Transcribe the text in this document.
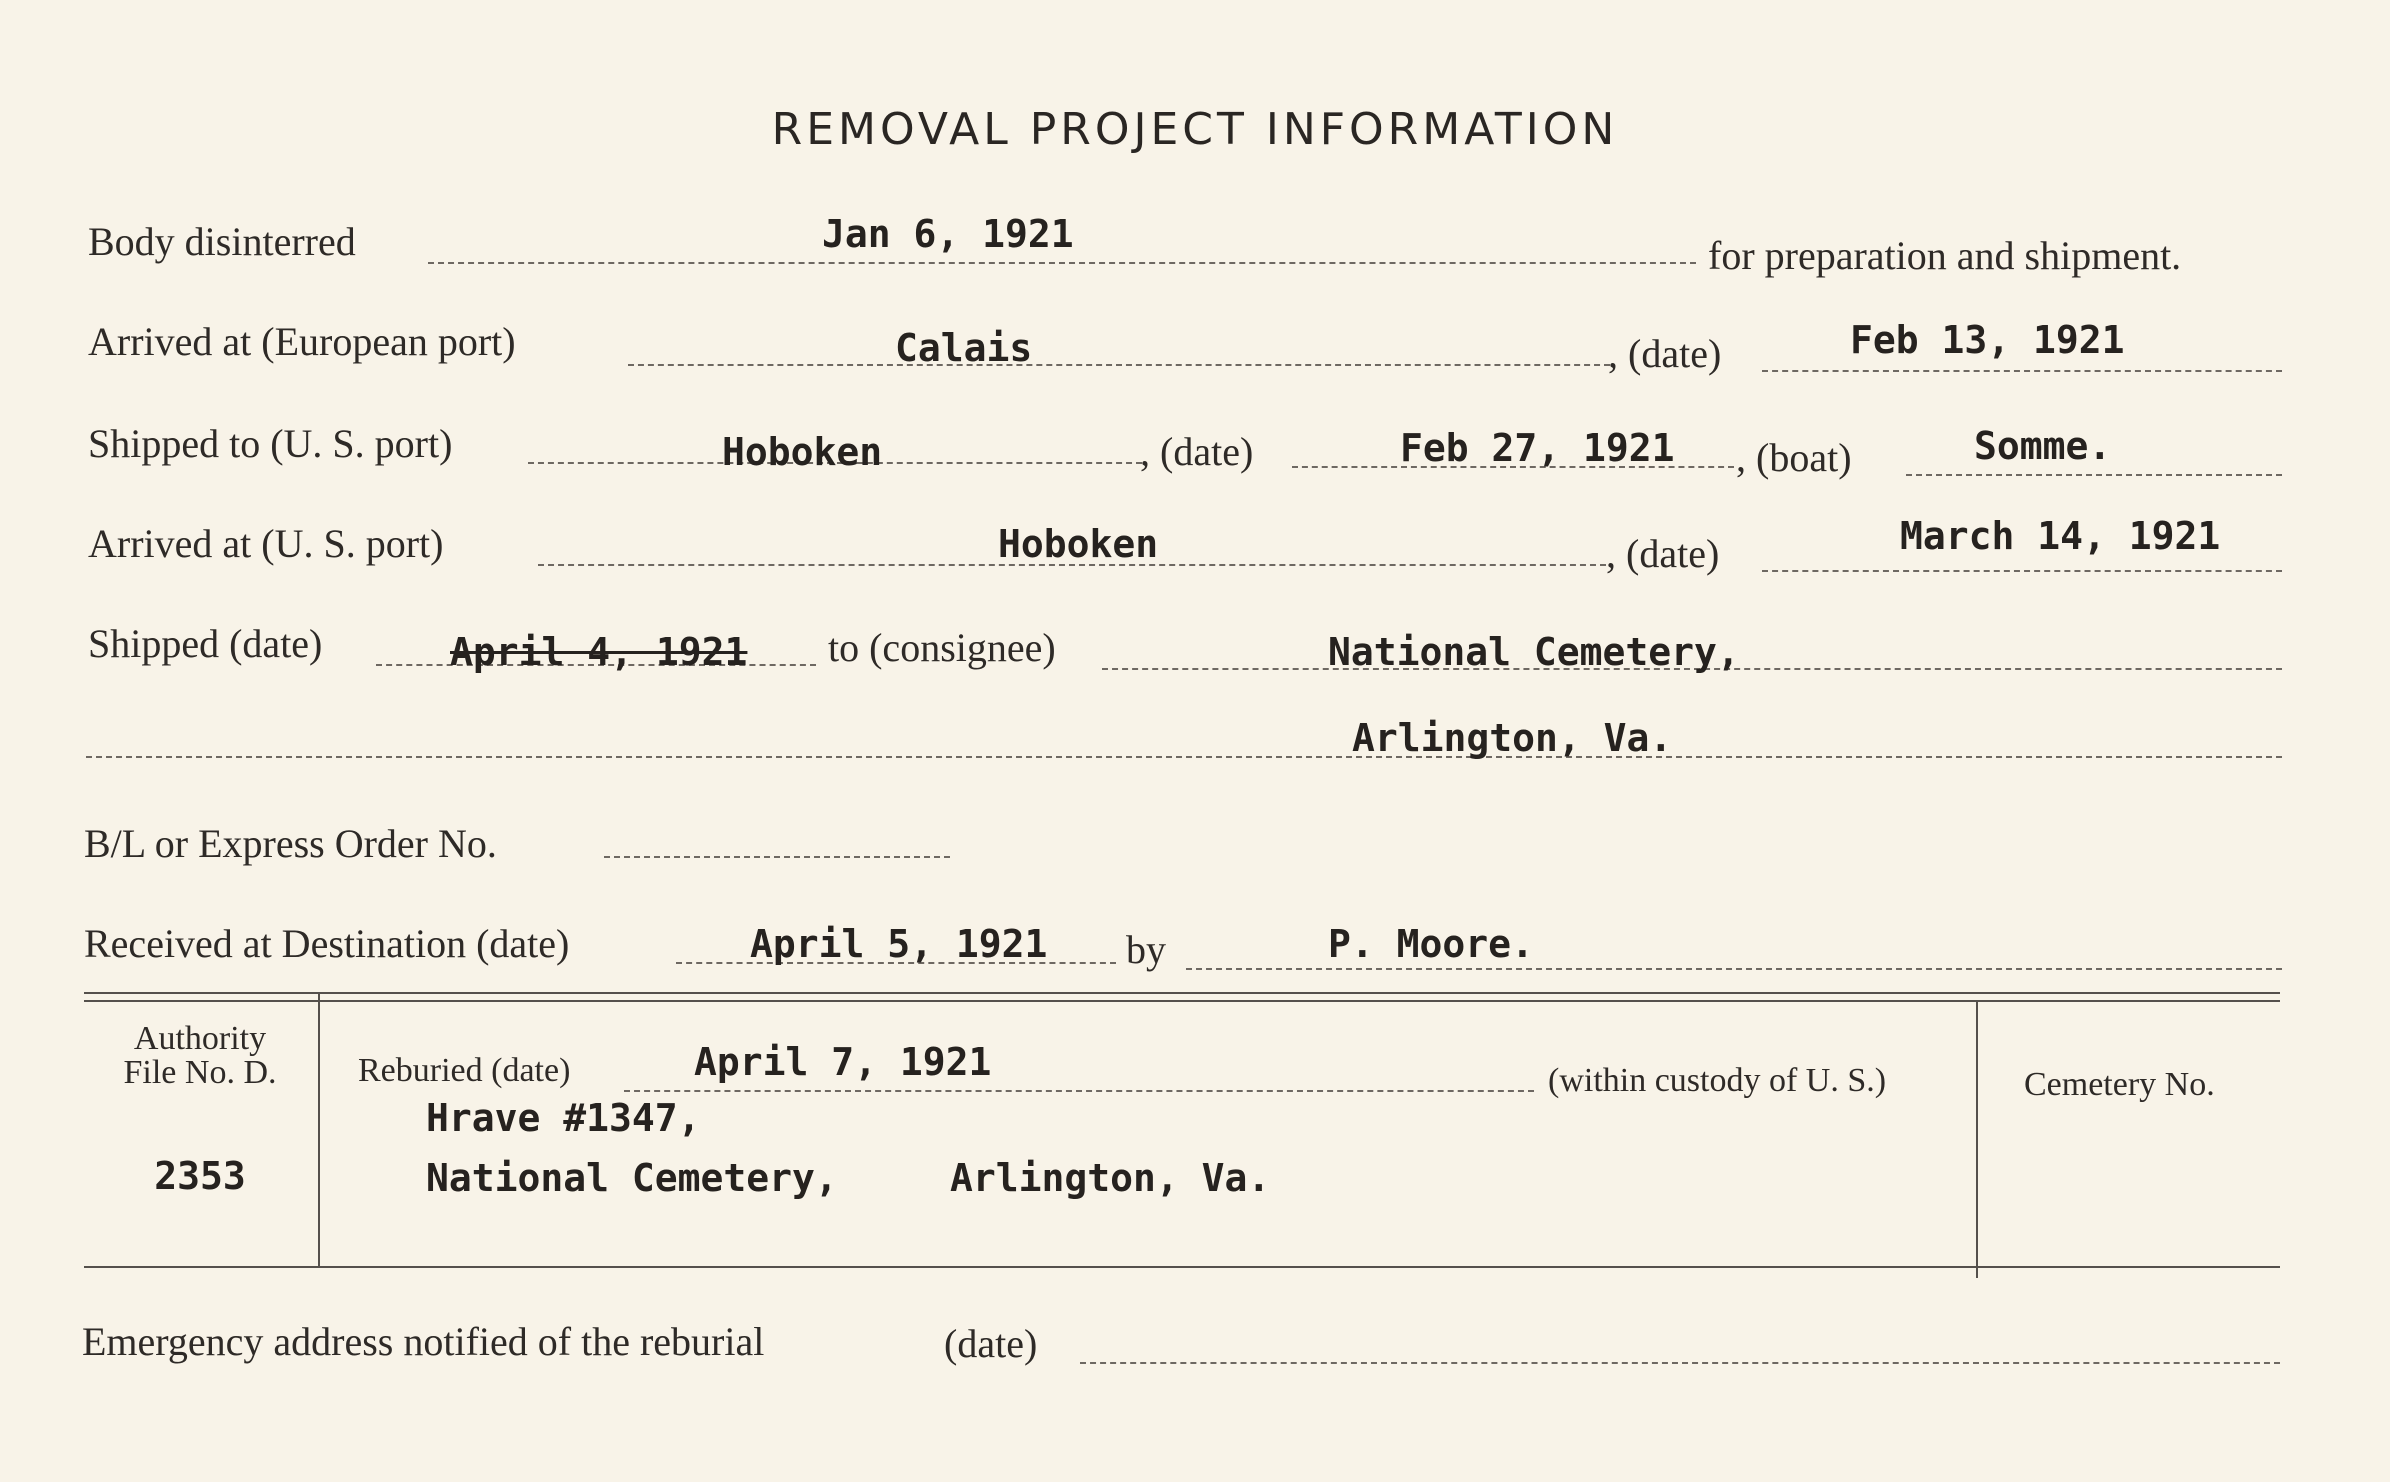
REMOVAL PROJECT INFORMATION
Body disinterred	Jan 6, 1921	for preparation and shipment.
Arrived at (European port)	Calais	, (date)	Feb 13, 1921
Shipped to (U. S. port)	Hoboken	, (date)	Feb 27, 1921 , (boat)	Somme.
Arrived at (U. S. port)	Hoboken	, (date)	March 14, 1921
Shipped (date)	April 4, 1921 to (consignee)	National Cemetery,
Arlington, Va.
B/L or Express Order No.
Received at Destination (date)	April 5, 1921 by	P. Moore.
Authority
File No. D.
2353
Reburied (date)	April 7, 1921	(within custody of U. S.)
Hrave #1347,
National Cemetery,	Arlington, Va.
Cemetery No.
Emergency address notified of the reburial	(date)
